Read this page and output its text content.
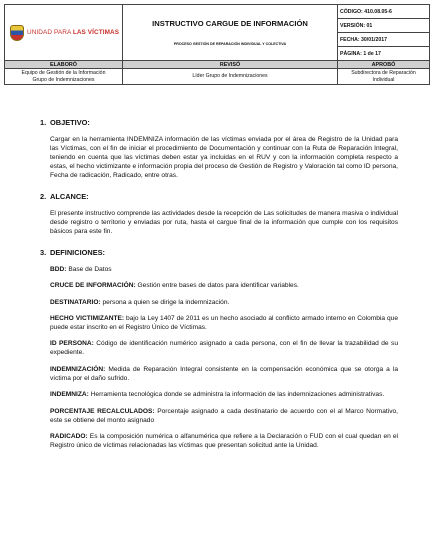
UNIDAD PARA LAS VÍCTIMAS	INSTRUCTIVO CARGUE DE INFORMACIÓN
PROCESO GESTIÓN DE REPARACIÓN INDIVIDUAL Y COLECTIVA	CÓDIGO: 410.08.05-6
		VERSIÓN: 01
		FECHA: 30/01/2017
		PÁGINA: 1 de 17
ELABORÓ	REVISÓ	APROBÓ
Equipo de Gestión de la Información
Grupo de Indemnizaciones	Líder Grupo de Indemnizaciones	Subdirectora de Reparación Individual
1. OBJETIVO:

Cargar en la herramienta INDEMNIZA información de las víctimas enviada por el área de Registro de la Unidad para las Víctimas, con el fin de iniciar el procedimiento de Documentación y continuar con la Ruta de Reparación Integral, teniendo en cuenta que las víctimas deben estar ya incluidas en el RUV y con la información completa respecto a estas, el hecho victimizante e información propia del proceso de Gestión de Registro y Valoración tal como ID persona, Fecha de radicación, Radicado, entre otras.

2. ALCANCE:

El presente instructivo comprende las actividades desde la recepción de Las solicitudes de manera masiva o individual desde registro o territorio y enviadas por ruta, hasta el cargue final de la información que cumple con los requisitos básicos para este fin.

3. DEFINICIONES:

BDD: Base de Datos

CRUCE DE INFORMACIÓN: Gestión entre bases de datos para identificar variables.

DESTINATARIO: persona a quien se dirige la indemnización.

HECHO VICTIMIZANTE: bajo la Ley 1407 de 2011 es un hecho asociado al conflicto armado interno en Colombia que puede estar inscrito en el Registro Único de Víctimas.

ID PERSONA: Código de identificación numérico asignado a cada persona, con el fin de llevar la trazabilidad de su expediente.

INDEMNIZACIÓN: Medida de Reparación Integral consistente en la compensación económica que se otorga a la víctima por el daño sufrido.

INDEMNIZA: Herramienta tecnológica donde se administra la información de las indemnizaciones administrativas.

PORCENTAJE RECALCULADOS: Porcentaje asignado a cada destinatario de acuerdo con el al Marco Normativo, este se obtiene del monto asignado

RADICADO: Es la composición numérica o alfanumérica que refiere a la Declaración o FUD con el cual quedan en el Registro único de víctimas relacionadas las víctimas que presentan solicitud ante la Unidad.
